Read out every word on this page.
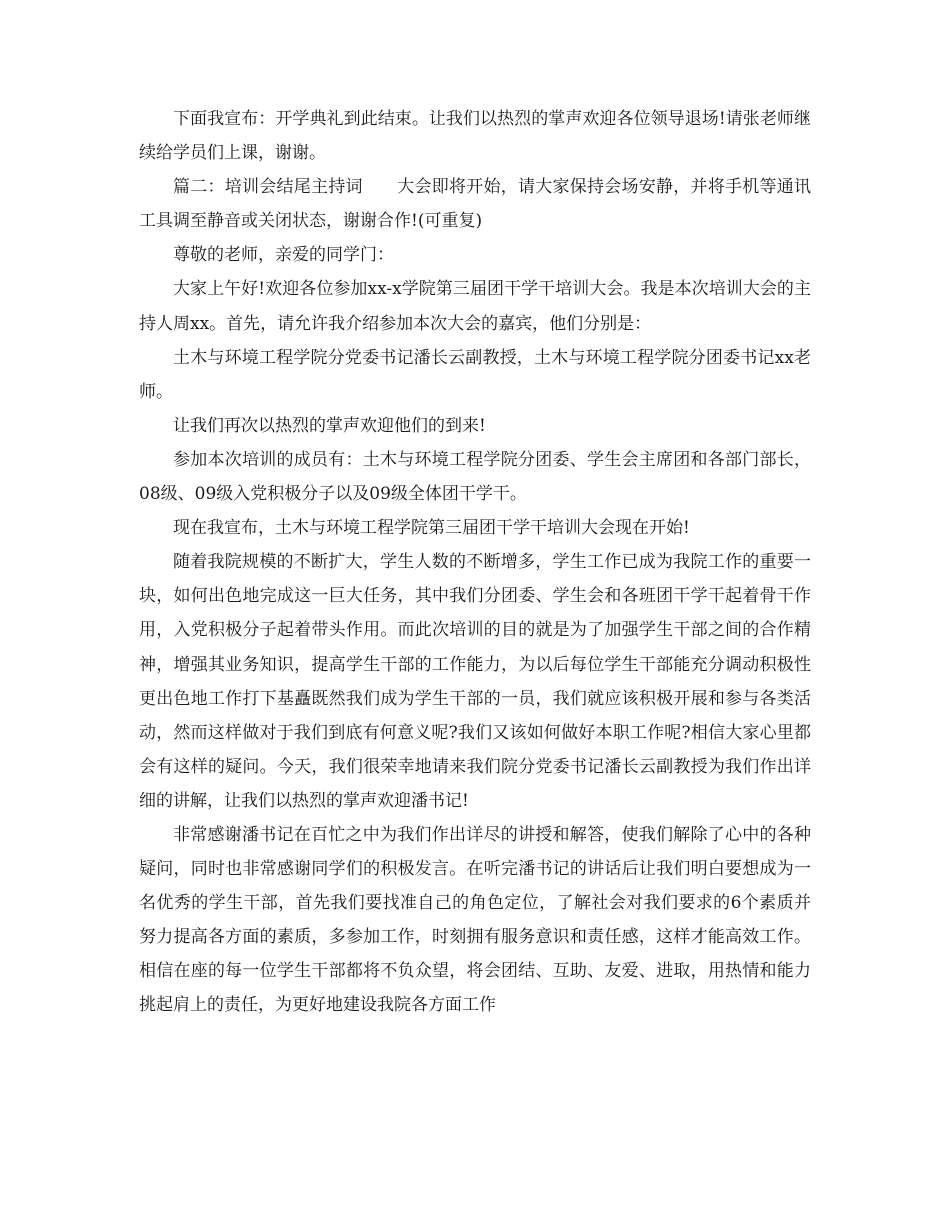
下面我宣布：开学典礼到此结束。让我们以热烈的掌声欢迎各位领导退场!请张老师继续给学员们上课，谢谢。

篇二：培训会结尾主持词　　大会即将开始，请大家保持会场安静，并将手机等通讯工具调至静音或关闭状态，谢谢合作!(可重复)

尊敬的老师，亲爱的同学门：

大家上午好!欢迎各位参加xx-x学院第三届团干学干培训大会。我是本次培训大会的主持人周xx。首先，请允许我介绍参加本次大会的嘉宾，他们分别是：

土木与环境工程学院分党委书记潘长云副教授，土木与环境工程学院分团委书记xx老师。

让我们再次以热烈的掌声欢迎他们的到来!

参加本次培训的成员有：土木与环境工程学院分团委、学生会主席团和各部门部长，08级、09级入党积极分子以及09级全体团干学干。

现在我宣布，土木与环境工程学院第三届团干学干培训大会现在开始!

随着我院规模的不断扩大，学生人数的不断增多，学生工作已成为我院工作的重要一块，如何出色地完成这一巨大任务，其中我们分团委、学生会和各班团干学干起着骨干作用，入党积极分子起着带头作用。而此次培训的目的就是为了加强学生干部之间的合作精神，增强其业务知识，提高学生干部的工作能力，为以后每位学生干部能充分调动积极性更出色地工作打下基矗既然我们成为学生干部的一员，我们就应该积极开展和参与各类活动，然而这样做对于我们到底有何意义呢?我们又该如何做好本职工作呢?相信大家心里都会有这样的疑问。今天，我们很荣幸地请来我们院分党委书记潘长云副教授为我们作出详细的讲解，让我们以热烈的掌声欢迎潘书记!

非常感谢潘书记在百忙之中为我们作出详尽的讲授和解答，使我们解除了心中的各种疑问，同时也非常感谢同学们的积极发言。在听完潘书记的讲话后让我们明白要想成为一名优秀的学生干部，首先我们要找准自己的角色定位，了解社会对我们要求的6个素质并努力提高各方面的素质，多参加工作，时刻拥有服务意识和责任感，这样才能高效工作。相信在座的每一位学生干部都将不负众望，将会团结、互助、友爱、进取，用热情和能力挑起肩上的责任，为更好地建设我院各方面工作
